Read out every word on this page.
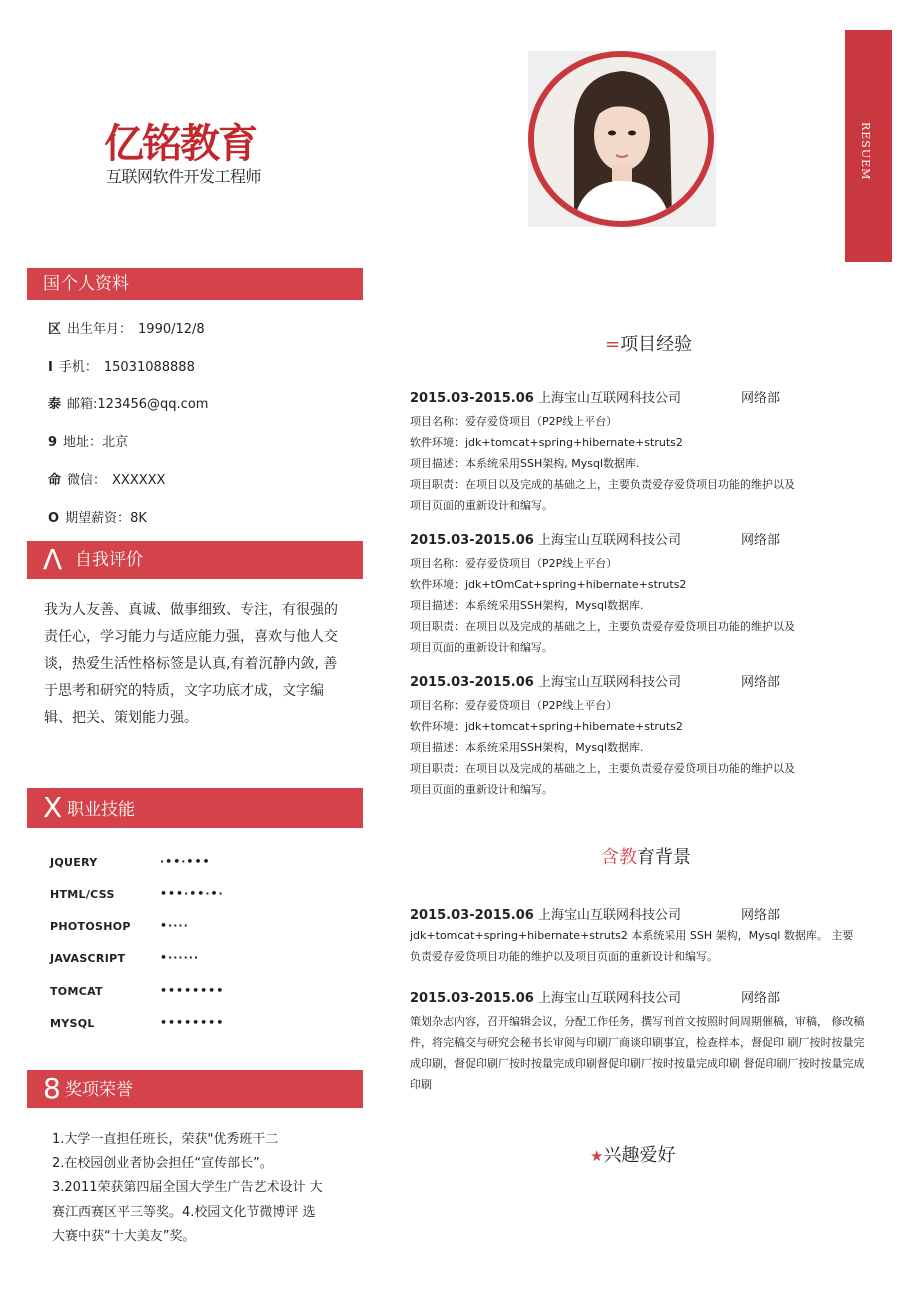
RESUEM
亿铭教育
互联网软件开发工程师
国 个人资料
区 出生年月： 1990/12/8
I 手机： 15031088888
泰 邮箱:123456@qq.com
9 地址：北京
命 微信： XXXXXX
O 期望薪资：8K
Λ 自我评价
我为人友善、真诚、做事细致、专注，有很强的
责任心，学习能力与适应能力强，喜欢与他人交
谈，热爱生活性格标签是认真,有着沉静内敛, 善
于思考和研究的特质，文字功底才成，文字编
辑、把关、策划能力强。
X 职业技能
JQUERY	·••·•••
HTML/CSS	•••·••·•·
PHOTOSHOP	•····
JAVASCRIPT	•······
TOMCAT	••••••••
MYSQL	••••••••
8 奖项荣誉
1.大学一直担任班长，荣获"优秀班干二
2.在校园创业者协会担任“宣传部长”。
3.2011荣获第四届全国大学生广告艺术设计 大
赛江西赛区平三等奖。4.校园文化节微博评 选
大赛中获“十大美友”奖。
=项目经验
2015.03-2015.06 上海宝山互联网科技公司	网络部
项目名称：爱存爱贷项目（P2P线上平台）
软件环境：jdk+tomcat+spring+hibernate+struts2
项目描述：本系统采用SSH架构, Mysql数据库.
项目职责：在项目以及完成的基础之上，主要负责爱存爱贷项目功能的维护以及
项目页面的重新设计和编写。
2015.03-2015.06 上海宝山互联网科技公司	网络部
项目名称：爱存爱贷项目（P2P线上平台）
软件环境：jdk+tOmCat+spring+hibernate+struts2
项目描述：本系统采用SSH架构，Mysql数据库.
项目职责：在项目以及完成的基础之上，主要负责爱存爱贷项目功能的维护以及
项目页面的重新设计和编写。
2015.03-2015.06 上海宝山互联网科技公司	网络部
项目名称：爱存爱贷项目（P2P线上平台）
软件环境：jdk+tomcat+spring+hibernate+struts2
项目描述：本系统采用SSH架构，Mysql数据库.
项目职责：在项目以及完成的基础之上，主要负责爱存爱贷项目功能的维护以及
项目页面的重新设计和编写。
含教育背景
2015.03-2015.06 上海宝山互联网科技公司	网络部
jdk+tomcat+spring+hibernate+struts2 本系统采用 SSH 架构，Mysql 数据库。 主要
负责爱存爱贷项目功能的维护以及项目页面的重新设计和编写。
2015.03-2015.06 上海宝山互联网科技公司	网络部
策划杂志内容，召开编辑会议，分配工作任务，撰写刊首文按照时间周期催稿，审稿， 修改稿
件，将完稿交与研究会秘书长审阅与印刷厂商谈印刷事宜，检查样本，督促印 刷厂按时按量完
成印刷，督促印刷厂按时按量完成印刷督促印刷厂按时按量完成印刷 督促印刷厂按时按量完成
印刷
★兴趣爱好
